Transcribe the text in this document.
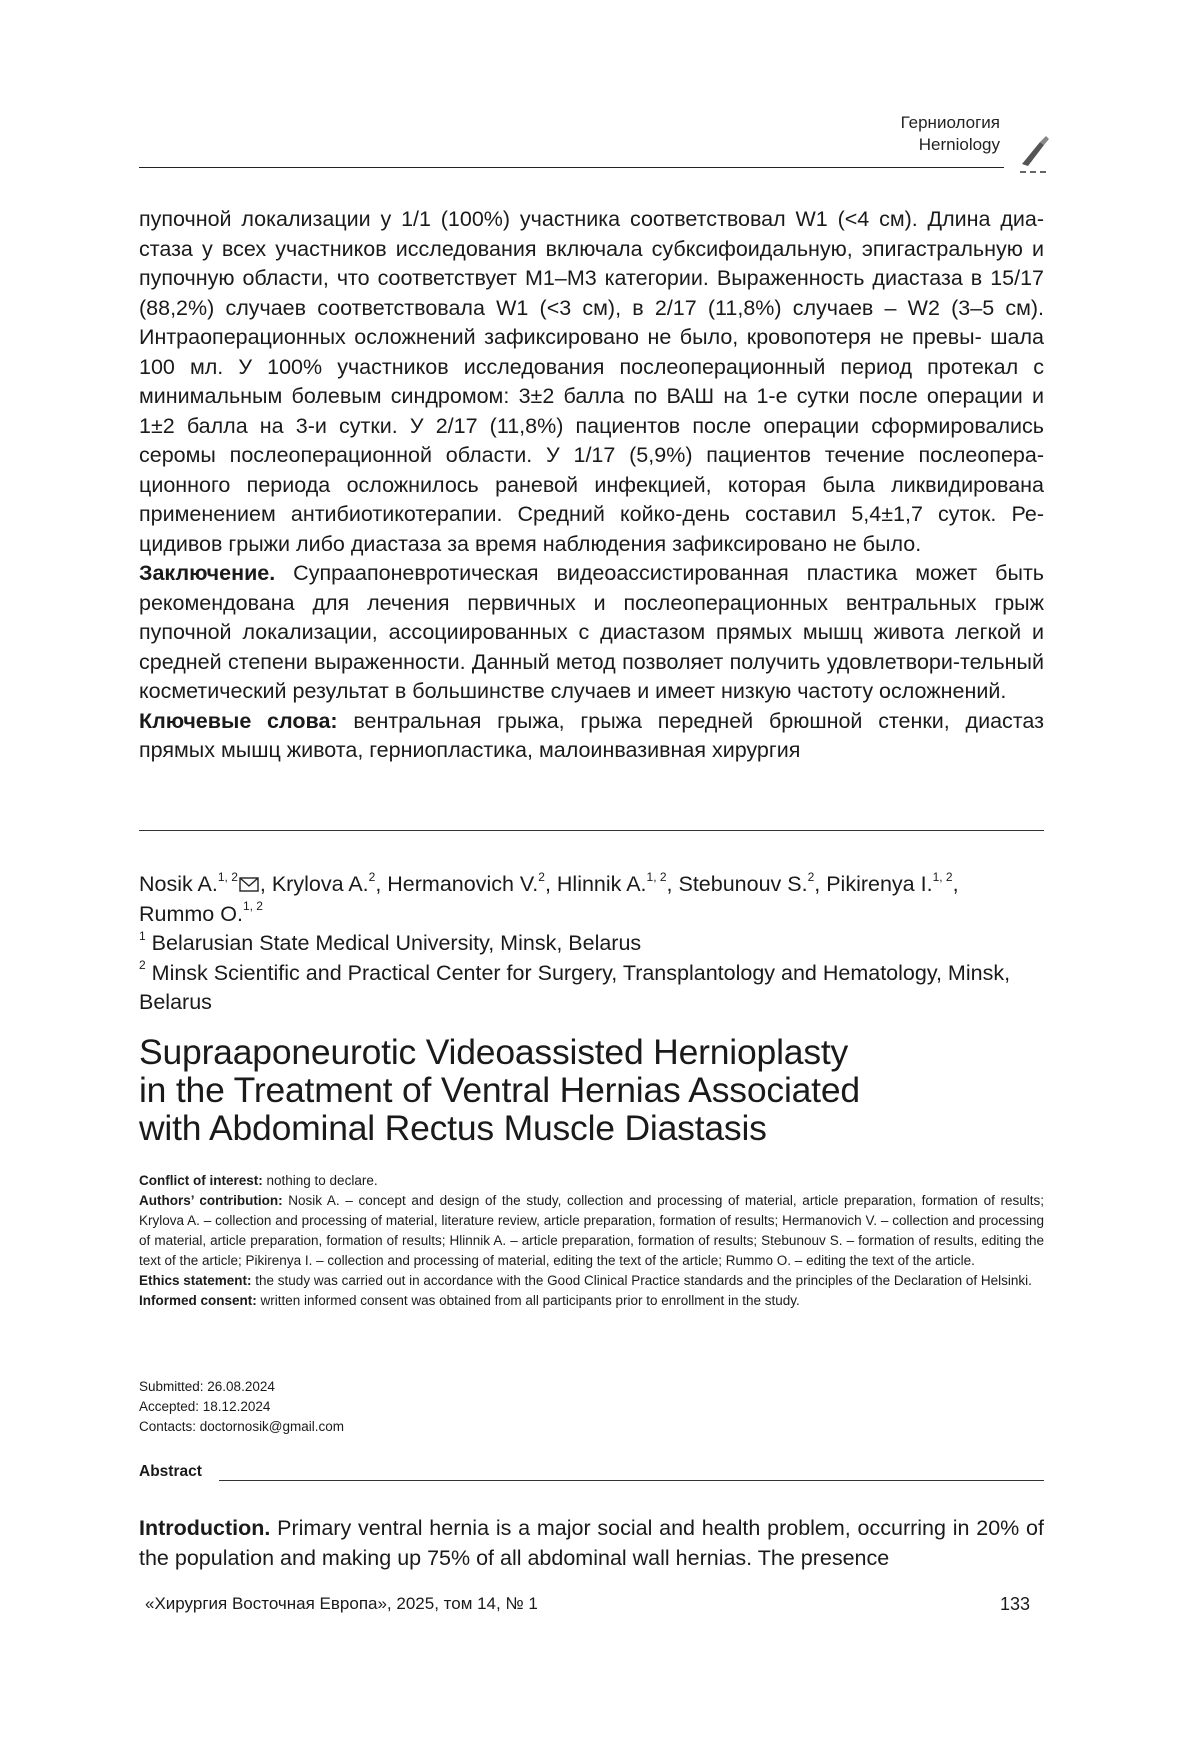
Герниология
Herniology

пупочной локализации у 1/1 (100%) участника соответствовал W1 (<4 см). Длина диа- стаза у всех участников исследования включала субксифоидальную, эпигастральную и пупочную области, что соответствует M1–M3 категории. Выраженность диастаза в 15/17 (88,2%) случаев соответствовала W1 (<3 см), в 2/17 (11,8%) случаев – W2 (3–5 см). Интраоперационных осложнений зафиксировано не было, кровопотеря не превы- шала 100 мл. У 100% участников исследования послеоперационный период протекал с минимальным болевым синдромом: 3±2 балла по ВАШ на 1-е сутки после операции и 1±2 балла на 3-и сутки. У 2/17 (11,8%) пациентов после операции сформировались серомы послеоперационной области. У 1/17 (5,9%) пациентов течение послеопера- ционного периода осложнилось раневой инфекцией, которая была ликвидирована применением антибиотикотерапии. Средний койко-день составил 5,4±1,7 суток. Ре- цидивов грыжи либо диастаза за время наблюдения зафиксировано не было.

Заключение. Супраапоневротическая видеоассистированная пластика может быть рекомендована для лечения первичных и послеоперационных вентральных грыж пупочной локализации, ассоциированных с диастазом прямых мышц живота легкой и средней степени выраженности. Данный метод позволяет получить удовлетвори-тельный косметический результат в большинстве случаев и имеет низкую частоту осложнений.

Ключевые слова: вентральная грыжа, грыжа передней брюшной стенки, диастаз прямых мышц живота, герниопластика, малоинвазивная хирургия

Nosik A.$^{1, 2}$ , Krylova A.$^2$, Hermanovich V.$^2$, Hlinnik A.$^{1, 2}$, Stebunouv S.$^2$, Pikirenya I.$^{1, 2}$,
Rummo O.$^{1, 2}$

$^1$ Belarusian State Medical University, Minsk, Belarus

$^2$ Minsk Scientific and Practical Center for Surgery, Transplantology and Hematology, Minsk, Belarus

Supraaponeurotic Videoassisted Hernioplasty
in the Treatment of Ventral Hernias Associated
with Abdominal Rectus Muscle Diastasis

Conflict of interest: nothing to declare.

Authors’ contribution: Nosik A. – concept and design of the study, collection and processing of material, article preparation, formation of results; Krylova A. – collection and processing of material, literature review, article preparation, formation of results; Hermanovich V. – collection and processing of material, article preparation, formation of results; Hlinnik A. – article preparation, formation of results; Stebunouv S. – formation of results, editing the text of the article; Pikirenya I. – collection and processing of material, editing the text of the article; Rummo O. – editing the text of the article.

Ethics statement: the study was carried out in accordance with the Good Clinical Practice standards and the principles of the Declaration of Helsinki.

Informed consent: written informed consent was obtained from all participants prior to enrollment in the study.

Submitted: 26.08.2024
Accepted: 18.12.2024
Contacts: doctornosik@gmail.com
Abstract

Introduction. Primary ventral hernia is a major social and health problem, occurring in 20% of the population and making up 75% of all abdominal wall hernias. The presence

«Хирургия Восточная Европа», 2025, том 14, № 1	133
